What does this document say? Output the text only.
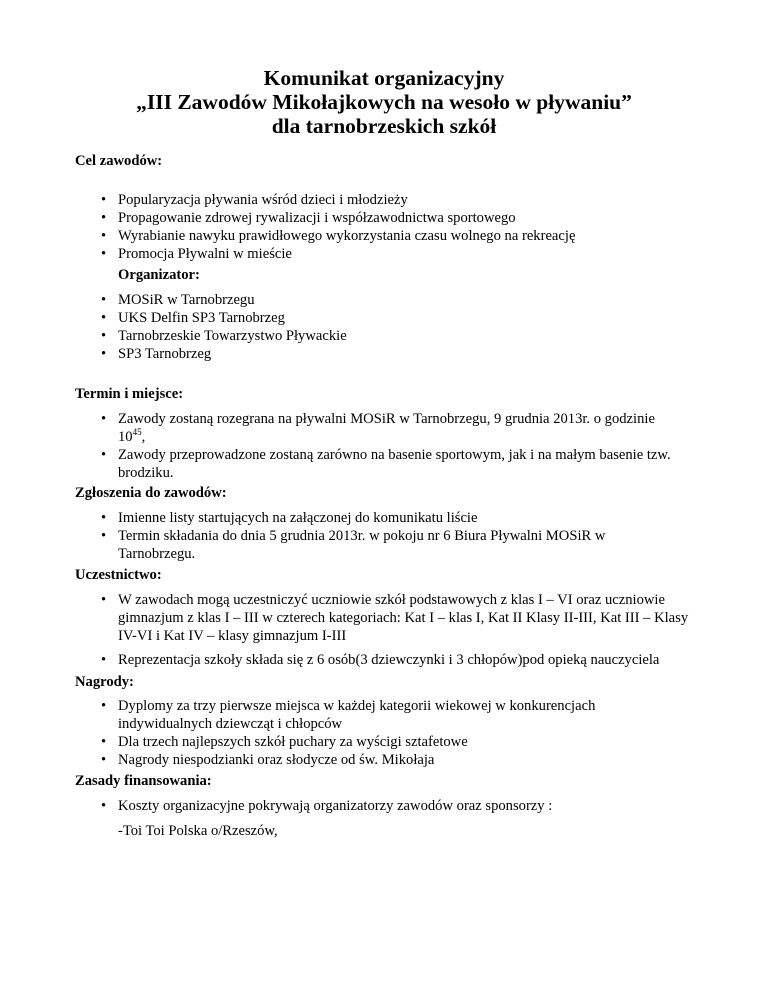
Komunikat organizacyjny
„III Zawodów Mikołajkowych na wesoło w pływaniu”
dla tarnobrzeskich szkół
Cel zawodów:
• Popularyzacja pływania wśród dzieci i młodzieży
• Propagowanie zdrowej rywalizacji i współzawodnictwa sportowego
• Wyrabianie nawyku prawidłowego wykorzystania czasu wolnego na rekreację
• Promocja Pływalni w mieście
Organizator:
• MOSiR w Tarnobrzegu
• UKS Delfin SP3 Tarnobrzeg
• Tarnobrzeskie Towarzystwo Pływackie
• SP3 Tarnobrzeg
Termin i miejsce:
• Zawody zostaną rozegrana na pływalni MOSiR w Tarnobrzegu, 9 grudnia 2013r. o godzinie $10^{45}$,
• Zawody przeprowadzone zostaną zarówno na basenie sportowym, jak i na małym basenie tzw. brodziku.
Zgłoszenia do zawodów:
• Imienne listy startujących na załączonej do komunikatu liście
• Termin składania do dnia 5 grudnia 2013r. w pokoju nr 6 Biura Pływalni MOSiR w Tarnobrzegu.
Uczestnictwo:
• W zawodach mogą uczestniczyć uczniowie szkół podstawowych z klas I – VI oraz uczniowie gimnazjum z klas I – III w czterech kategoriach: Kat I – klas I, Kat II Klasy II-III, Kat III – Klasy IV-VI i Kat IV – klasy gimnazjum I-III
• Reprezentacja szkoły składa się z 6 osób(3 dziewczynki i 3 chłopów)pod opieką nauczyciela
Nagrody:
• Dyplomy za trzy pierwsze miejsca w każdej kategorii wiekowej w konkurencjach indywidualnych dziewcząt i chłopców
• Dla trzech najlepszych szkół puchary za wyścigi sztafetowe
• Nagrody niespodzianki oraz słodycze od św. Mikołaja
Zasady finansowania:
• Koszty organizacyjne pokrywają organizatorzy zawodów oraz sponsorzy :
-Toi Toi Polska o/Rzeszów,
